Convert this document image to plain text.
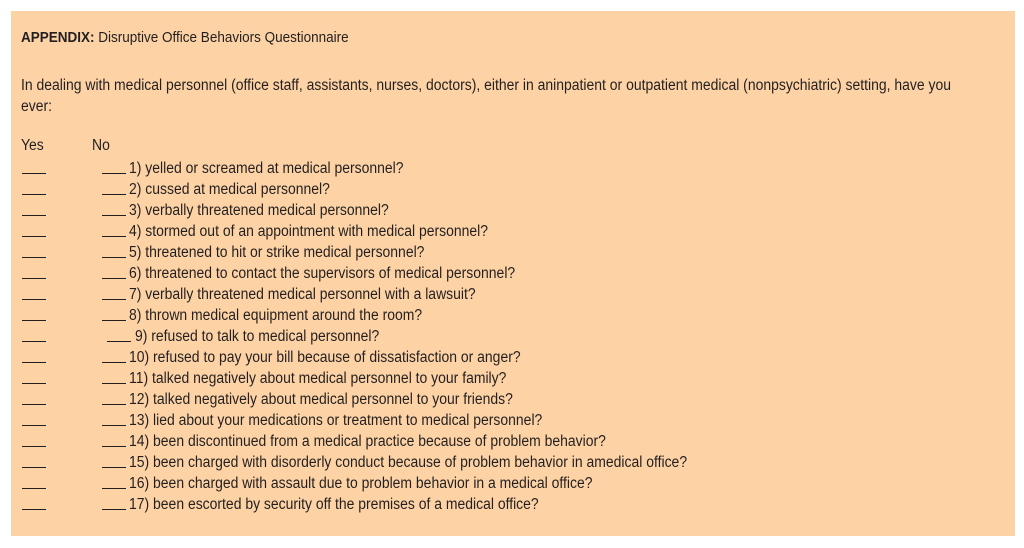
APPENDIX: Disruptive Office Behaviors Questionnaire
In dealing with medical personnel (office staff, assistants, nurses, doctors), either in aninpatient or outpatient medical (nonpsychiatric) setting, have you ever:
Yes	No
1) yelled or screamed at medical personnel?
2) cussed at medical personnel?
3) verbally threatened medical personnel?
4) stormed out of an appointment with medical personnel?
5) threatened to hit or strike medical personnel?
6) threatened to contact the supervisors of medical personnel?
7) verbally threatened medical personnel with a lawsuit?
8) thrown medical equipment around the room?
9) refused to talk to medical personnel?
10) refused to pay your bill because of dissatisfaction or anger?
11) talked negatively about medical personnel to your family?
12) talked negatively about medical personnel to your friends?
13) lied about your medications or treatment to medical personnel?
14) been discontinued from a medical practice because of problem behavior?
15) been charged with disorderly conduct because of problem behavior in amedical office?
16) been charged with assault due to problem behavior in a medical office?
17) been escorted by security off the premises of a medical office?
